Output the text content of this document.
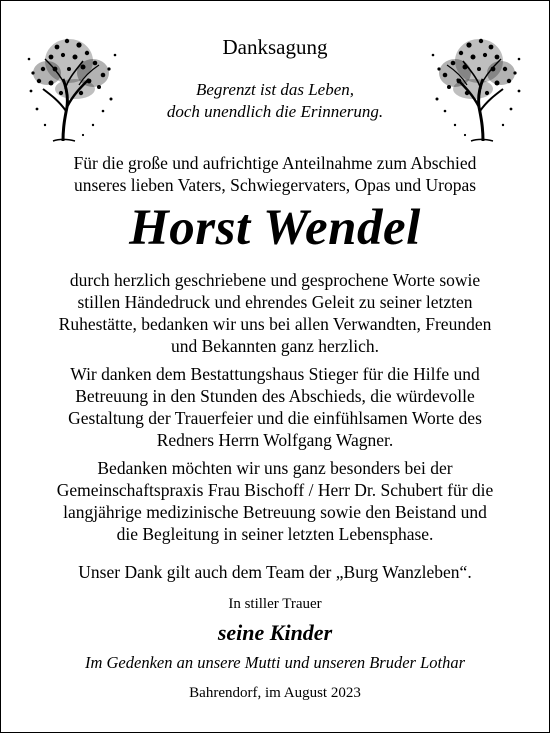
Danksagung
Begrenzt ist das Leben,
doch unendlich die Erinnerung.
Für die große und aufrichtige Anteilnahme zum Abschied
unseres lieben Vaters, Schwiegervaters, Opas und Uropas
Horst Wendel
durch herzlich geschriebene und gesprochene Worte sowie
stillen Händedruck und ehrendes Geleit zu seiner letzten
Ruhestätte, bedanken wir uns bei allen Verwandten, Freunden
und Bekannten ganz herzlich.
Wir danken dem Bestattungshaus Stieger für die Hilfe und
Betreuung in den Stunden des Abschieds, die würdevolle
Gestaltung der Trauerfeier und die einfühlsamen Worte des
Redners Herrn Wolfgang Wagner.
Bedanken möchten wir uns ganz besonders bei der
Gemeinschaftspraxis Frau Bischoff / Herr Dr. Schubert für die
langjährige medizinische Betreuung sowie den Beistand und
die Begleitung in seiner letzten Lebensphase.
Unser Dank gilt auch dem Team der „Burg Wanzleben“.
In stiller Trauer
seine Kinder
Im Gedenken an unsere Mutti und unseren Bruder Lothar
Bahrendorf, im August 2023
